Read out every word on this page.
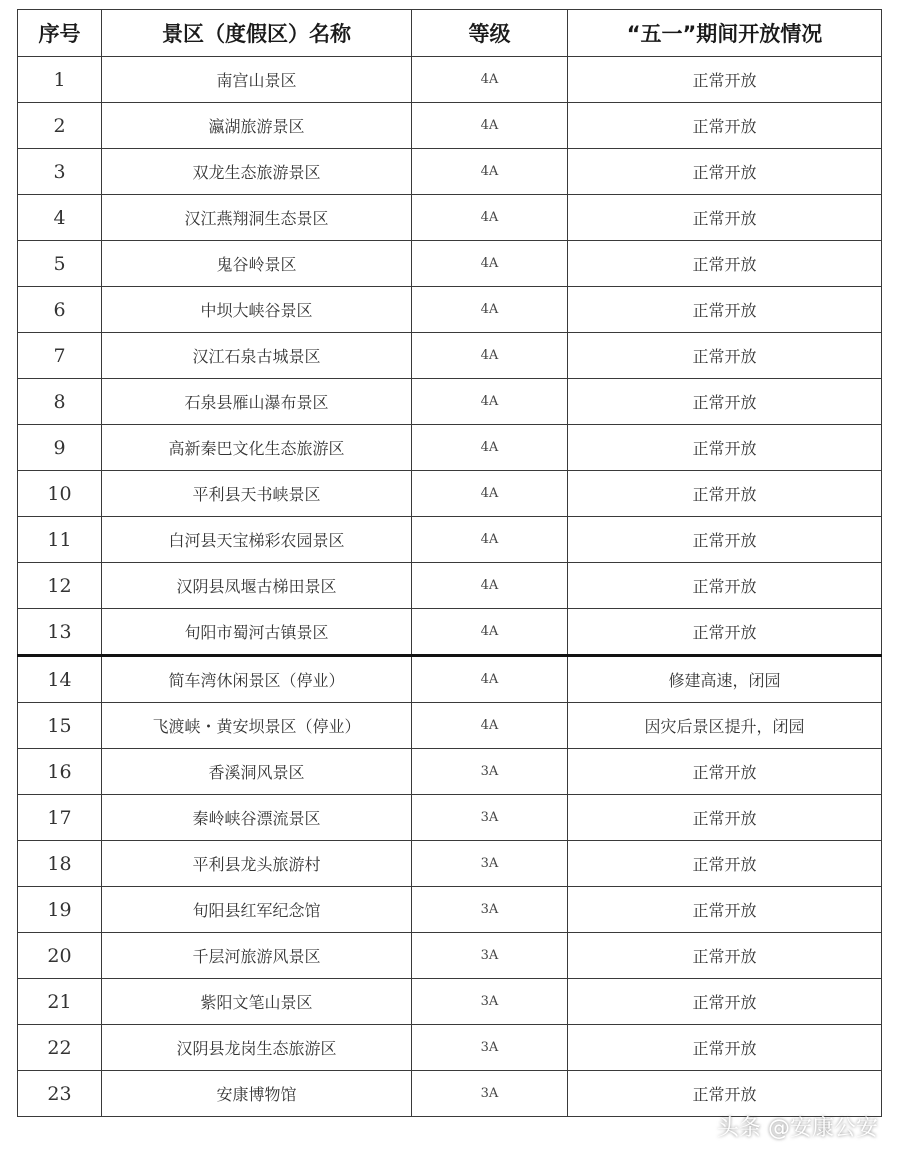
序号	景区（度假区）名称	等级	“五一”期间开放情况
1	南宫山景区	4A	正常开放
2	瀛湖旅游景区	4A	正常开放
3	双龙生态旅游景区	4A	正常开放
4	汉江燕翔洞生态景区	4A	正常开放
5	鬼谷岭景区	4A	正常开放
6	中坝大峡谷景区	4A	正常开放
7	汉江石泉古城景区	4A	正常开放
8	石泉县雁山瀑布景区	4A	正常开放
9	高新秦巴文化生态旅游区	4A	正常开放
10	平利县天书峡景区	4A	正常开放
11	白河县天宝梯彩农园景区	4A	正常开放
12	汉阴县凤堰古梯田景区	4A	正常开放
13	旬阳市蜀河古镇景区	4A	正常开放
14	简车湾休闲景区（停业）	4A	修建高速，闭园
15	飞渡峡・黄安坝景区（停业）	4A	因灾后景区提升，闭园
16	香溪洞风景区	3A	正常开放
17	秦岭峡谷漂流景区	3A	正常开放
18	平利县龙头旅游村	3A	正常开放
19	旬阳县红军纪念馆	3A	正常开放
20	千层河旅游风景区	3A	正常开放
21	紫阳文笔山景区	3A	正常开放
22	汉阴县龙岗生态旅游区	3A	正常开放
23	安康博物馆	3A	正常开放
头条 @安康公安
